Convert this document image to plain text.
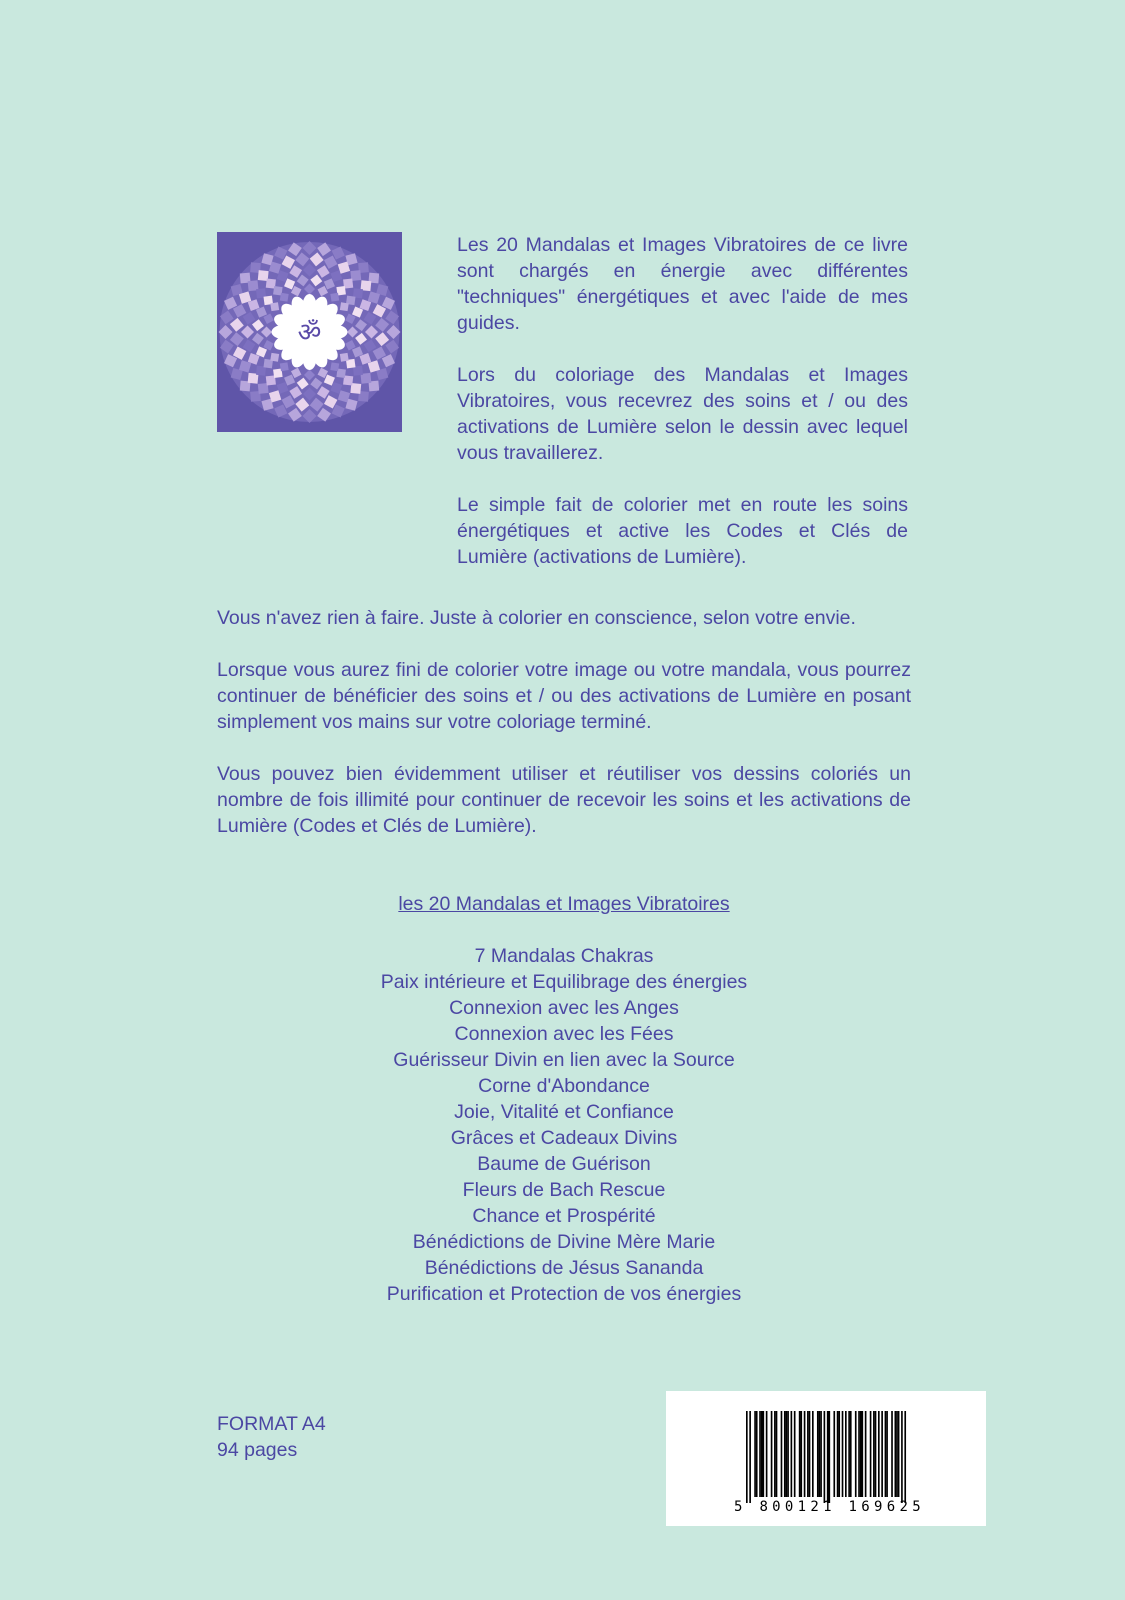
ॐ

Les 20 Mandalas et Images Vibratoires de ce livre sont chargés en énergie avec différentes "techniques" énergétiques et avec l'aide de mes guides.

Lors du coloriage des Mandalas et Images Vibratoires, vous recevrez des soins et / ou des activations de Lumière selon le dessin avec lequel vous travaillerez.

Le simple fait de colorier met en route les soins énergétiques et active les Codes et Clés de Lumière (activations de Lumière).

Vous n'avez rien à faire. Juste à colorier en conscience, selon votre envie.

Lorsque vous aurez fini de colorier votre image ou votre mandala, vous pourrez continuer de bénéficier des soins et / ou des activations de Lumière en posant simplement vos mains sur votre coloriage terminé.

Vous pouvez bien évidemment utiliser et réutiliser vos dessins coloriés un nombre de fois illimité pour continuer de recevoir les soins et les activations de Lumière (Codes et Clés de Lumière).

les 20 Mandalas et Images Vibratoires
7 Mandalas Chakras
Paix intérieure et Equilibrage des énergies
Connexion avec les Anges
Connexion avec les Fées
Guérisseur Divin en lien avec la Source
Corne d'Abondance
Joie, Vitalité et Confiance
Grâces et Cadeaux Divins
Baume de Guérison
Fleurs de Bach Rescue
Chance et Prospérité
Bénédictions de Divine Mère Marie
Bénédictions de Jésus Sananda
Purification et Protection de vos énergies
FORMAT A4
94 pages
5 800121 169625
